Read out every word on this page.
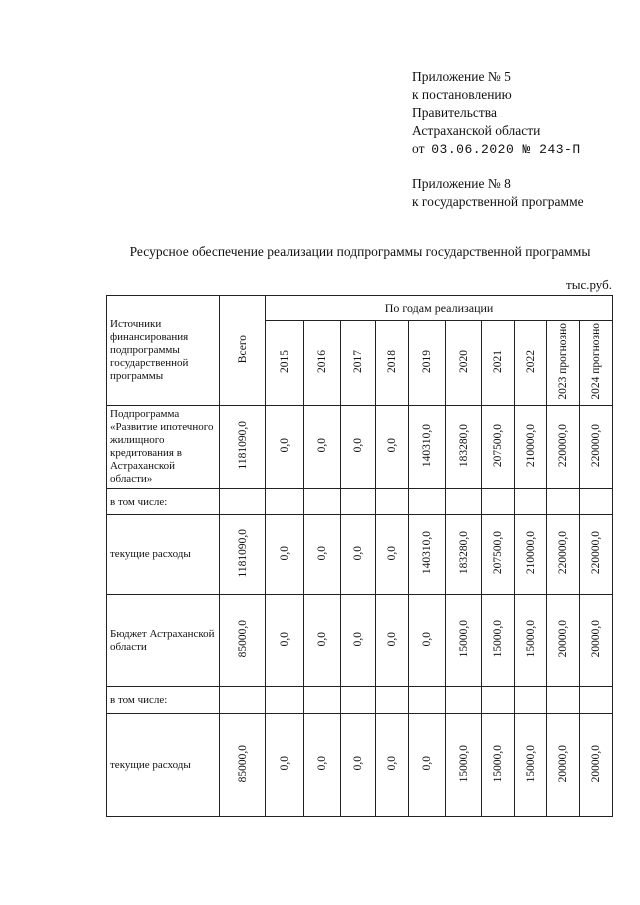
Приложение № 5
к постановлению
Правительства
Астраханской области
от 03.06.2020 № 243-П
Приложение № 8
к государственной программе
Ресурсное обеспечение реализации подпрограммы государственной программы
тыс.руб.
Источники финансирования подпрограммы государственной программы	Всего	По годам реализации									
		2015	2016	2017	2018	2019	2020	2021	2022	2023 прогнозно	2024 прогнозно
Подпрограмма «Развитие ипотечного жилищного кредитования в Астраханской области»	1181090,0	0,0	0,0	0,0	0,0	140310,0	183280,0	207500,0	210000,0	220000,0	220000,0
в том числе:											
текущие расходы	1181090,0	0,0	0,0	0,0	0,0	140310,0	183280,0	207500,0	210000,0	220000,0	220000,0
Бюджет Астраханской области	85000,0	0,0	0,0	0,0	0,0	0,0	15000,0	15000,0	15000,0	20000,0	20000,0
в том числе:											
текущие расходы	85000,0	0,0	0,0	0,0	0,0	0,0	15000,0	15000,0	15000,0	20000,0	20000,0
